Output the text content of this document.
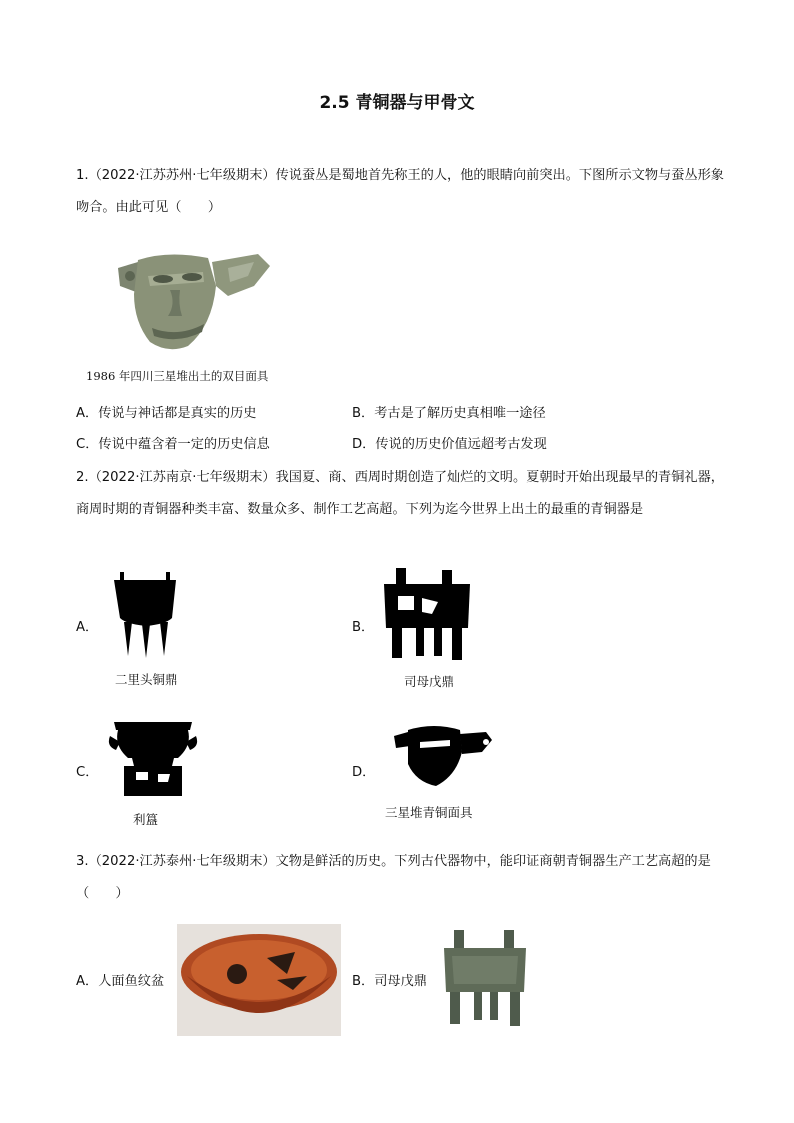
2.5 青铜器与甲骨文
1.（2022·江苏苏州·七年级期末）传说蚕丛是蜀地首先称王的人，他的眼睛向前突出。下图所示文物与蚕丛形象吻合。由此可见（　　）
1986 年四川三星堆出土的双目面具
A．传说与神话都是真实的历史	B．考古是了解历史真相唯一途径
C．传说中蕴含着一定的历史信息	D．传说的历史价值远超考古发现
2.（2022·江苏南京·七年级期末）我国夏、商、西周时期创造了灿烂的文明。夏朝时开始出现最早的青铜礼器，商周时期的青铜器种类丰富、数量众多、制作工艺高超。下列为迄今世界上出土的最重的青铜器是
A．
二里头铜鼎
B．
司母戊鼎
C．
利簋
D．
三星堆青铜面具
3.（2022·江苏泰州·七年级期末）文物是鲜活的历史。下列古代器物中，能印证商朝青铜器生产工艺高超的是（　　）
A．人面鱼纹盆	B．司母戊鼎
